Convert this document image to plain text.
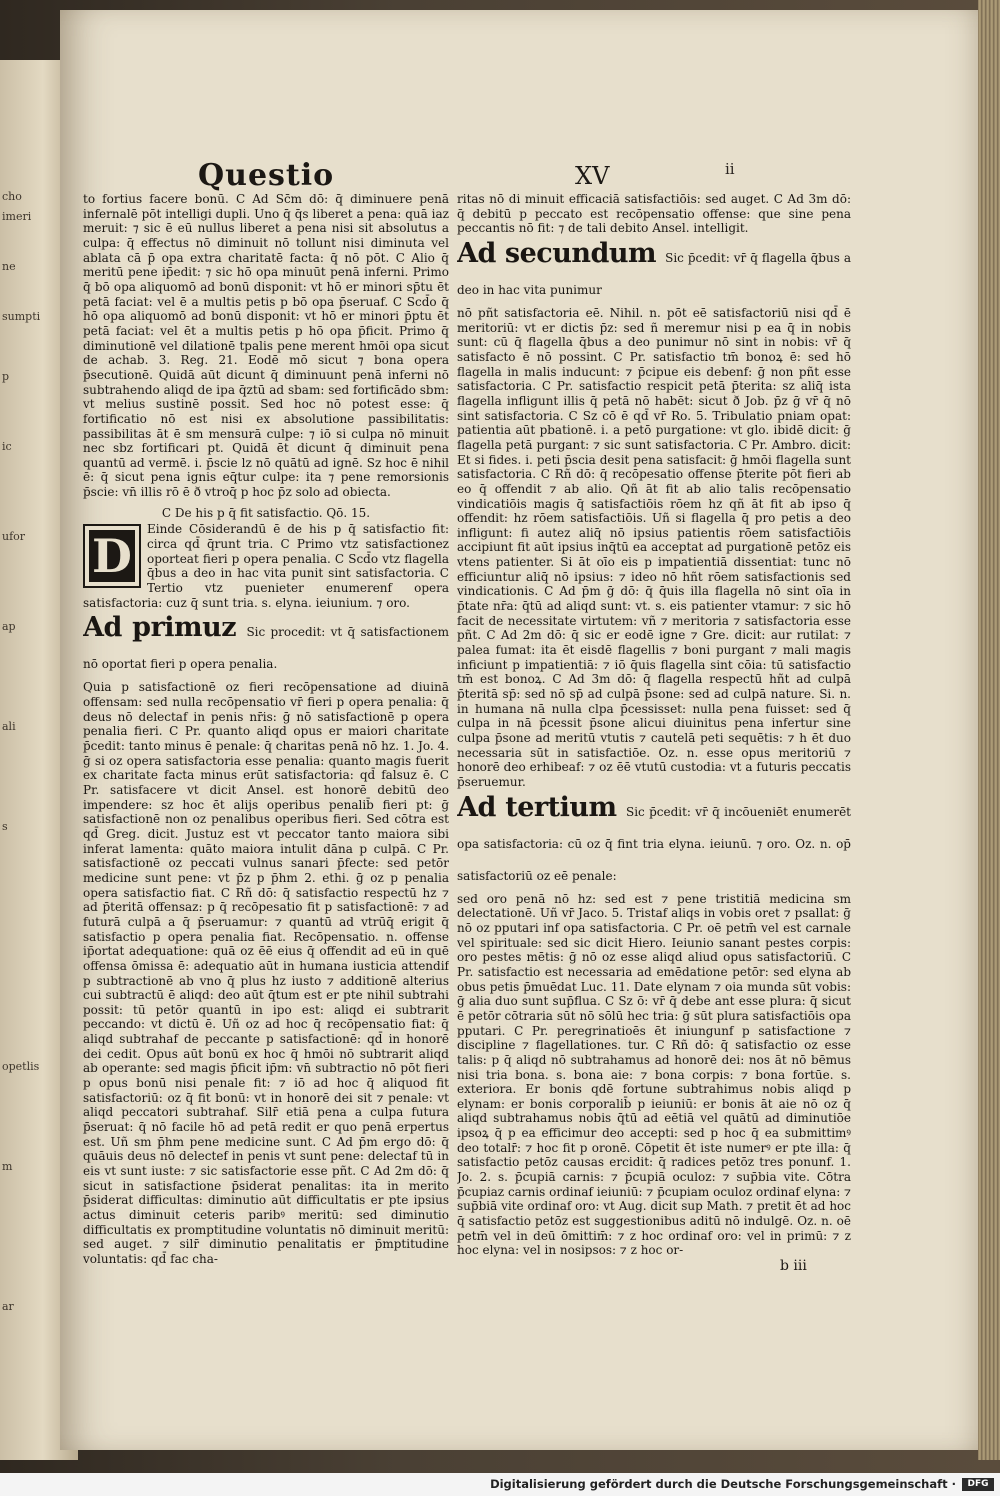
cho
imeri
ne
sumpti
p
ic
ufor
ap
ali
s
opetlis
m
ar
Questio	XV	ii

to fortius facere bonū. C Ad Sc̄m dō: q̄ diminuere penā infernalē pōt intelligi dupli. Uno q̄ q̄s liberet a pena: quā iaz meruit: ⁊ sic ē eū nullus liberet a pena nisi sit absolutus a culpa: q̄ effectus nō diminuit nō tollunt nisi diminuta vel ablata cā p̄ opa extra charitatē facta: q̄ nō pōt. C Alio q̄ meritū pene ip̄edit: ⁊ sic hō opa minuūt penā inferni. Primo q̄ bō opa aliquomō ad bonū disponit: vt hō er minori sp̄tu ēt petā faciat: vel ē a multis petis p bō opa p̄seruaf. C Scd̄o q̄ hō opa aliquomō ad bonū disponit: vt hō er minori p̄ptu ēt petā faciat: vel ēt a multis petis p hō opa p̄ficit. Primo q̄ diminutionē vel dilationē tpalis pene merent hmōi opa sicut de achab. 3. Reg. 21. Eodē mō sicut ⁊ bona opera p̄secutionē. Quidā aūt dicunt q̄ diminuunt penā inferni nō subtrahendo aliqd de ipa q̄ztū ad sbam: sed fortificādo sbm: vt melius sustinē possit. Sed hoc nō potest esse: q̄ fortificatio nō est nisi ex absolutione passibilitatis: passibilitas āt ē sm mensurā culpe: ⁊ iō si culpa nō minuit nec sbz fortificari pt. Quidā ēt dicunt q̄ diminuit pena quantū ad vermē. i. p̄scie lz nō quātū ad ignē. Sz hoc ē nihil ē: q̄ sicut pena ignis eq̄tur culpe: ita ⁊ pene remorsionis p̄scie: vn̄ illis rō ē ð vtroq̄ p hoc p̄z solo ad obiecta.

C De his p q̄ fit satisfactio. Qō. 15.
D	Einde Cōsiderandū ē de his p q̄ satisfactio fit: circa qd̄ q̄runt tria. C Primo vtz satisfactionez oporteat fieri p opera penalia. C Scd̄o vtz flagella q̄bus a deo in hac vita punit sint satisfactoria. C Tertio vtz puenieter enumerenf opera satisfactoria: cuz q̄ sunt tria. s. elyna. ieiunium. ⁊ oro.

Ad primuz Sic procedit: vt q̄ satisfactionem nō oportat fieri p opera penalia.

Quia p satisfactionē oz fieri recōpensatione ad diuinā offensam: sed nulla recōpensatio vr̄ fieri p opera penalia: q̄ deus nō delectaf in penis nr̄is: ḡ nō satisfactionē p opera penalia fieri. C Pr. quanto aliqd opus er maiori charitate p̄cedit: tanto minus ē penale: q̄ charitas penā nō hz. 1. Jo. 4. ḡ si oz opera satisfactoria esse penalia: quanto magis fuerit ex charitate facta minus erūt satisfactoria: qd̄ falsuz ē. C Pr. satisfacere vt dicit Ansel. est honorē debitū deo impendere: sz hoc ēt alijs operibus penalib̄ fieri pt: ḡ satisfactionē non oz penalibus operibus fieri. Sed cōtra est qd̄ Greg. dicit. Justuz est vt peccator tanto maiora sibi inferat lamenta: quāto maiora intulit dāna p culpā. C Pr. satisfactionē oz peccati vulnus sanari p̄fecte: sed petōr medicine sunt pene: vt p̄z p p̄hm 2. ethi. ḡ oz p penalia opera satisfactio fiat. C Rñ dō: q̄ satisfactio respectū hz ⁊ ad p̄teritā offensaz: p q̄ recōpesatio fit p satisfactionē: ⁊ ad futurā culpā a q̄ p̄seruamur: ⁊ quantū ad vtrūq̄ erigit q̄ satisfactio p opera penalia fiat. Recōpensatio. n. offense ip̄ortat adequatione: quā oz ēē eius q̄ offendit ad eū in quē offensa ōmissa ē: adequatio aūt in humana iusticia attendif p subtractionē ab vno q̄ plus hz iusto ⁊ additionē alterius cui subtractū ē aliqd: deo aūt q̄tum est er pte nihil subtrahi possit: tū petōr quantū in ipo est: aliqd ei subtrarit peccando: vt dictū ē. Uñ oz ad hoc q̄ recōpensatio fiat: q̄ aliqd subtrahaf de peccante p satisfactionē: qd̄ in honorē dei cedit. Opus aūt bonū ex hoc q̄ hmōi nō subtrarit aliqd ab operante: sed magis p̄ficit ip̄m: vn̄ subtractio nō pōt fieri p opus bonū nisi penale fit: ⁊ iō ad hoc q̄ aliquod fit satisfactoriū: oz q̄ fit bonū: vt in honorē dei sit ⁊ penale: vt aliqd peccatori subtrahaf. Silr̄ etiā pena a culpa futura p̄seruat: q̄ nō facile hō ad petā redit er quo penā erpertus est. Uñ sm p̄hm pene medicine sunt. C Ad p̄m ergo dō: q̄ quāuis deus nō delectef in penis vt sunt pene: delectaf tū in eis vt sunt iuste: ⁊ sic satisfactorie esse pñt. C Ad 2m dō: q̄ sicut in satisfactione p̄siderat penalitas: ita in merito p̄siderat difficultas: diminutio aūt difficultatis er pte ipsius actus diminuit ceteris paribꝰ meritū: sed diminutio difficultatis ex promptitudine voluntatis nō diminuit meritū: sed auget. ⁊ silr̄ diminutio penalitatis er p̄mptitudine voluntatis: qd̄ fac cha-

ritas nō di minuit efficaciā satisfactiōis: sed auget. C Ad 3m dō: q̄ debitū p peccato est recōpensatio offense: que sine pena peccantis nō fit: ⁊ de tali debito Ansel. intelligit.

Ad secundum Sic p̄cedit: vr̄ q̄ flagella q̄bus a deo in hac vita punimur

nō pñt satisfactoria eē. Nihil. n. pōt eē satisfactoriū nisi qd̄ ē meritoriū: vt er dictis p̄z: sed ñ meremur nisi p ea q̄ in nobis sunt: cū q̄ flagella q̄bus a deo punimur nō sint in nobis: vr̄ q̄ satisfacto ē nō possint. C Pr. satisfactio tm̄ bonoꝝ ē: sed hō flagella in malis inducunt: ⁊ p̄cipue eis debenf: ḡ non pñt esse satisfactoria. C Pr. satisfactio respicit petā p̄terita: sz aliq̄ ista flagella infligunt illis q̄ petā nō habēt: sicut ð Job. p̄z ḡ vr̄ q̄ nō sint satisfactoria. C Sz cō ē qd̄ vr̄ Ro. 5. Tribulatio pniam opat: patientia aūt pbationē. i. a petō purgatione: vt glo. ibidē dicit: ḡ flagella petā purgant: ⁊ sic sunt satisfactoria. C Pr. Ambro. dicit: Et si fides. i. peti p̄scia desit pena satisfacit: ḡ hmōi flagella sunt satisfactoria. C Rñ dō: q̄ recōpesatio offense p̄terite pōt fieri ab eo q̄ offendit ⁊ ab alio. Qñ āt fit ab alio talis recōpensatio vindicatiōis magis q̄ satisfactiōis rōem hz qñ āt fit ab ipso q̄ offendit: hz rōem satisfactiōis. Uñ si flagella q̄ pro petis a deo infligunt: fi autez aliq̄ nō ipsius patientis rōem satisfactiōis accipiunt fit aūt ipsius inq̄tū ea acceptat ad purgationē petōz eis vtens patienter. Si āt oīo eis p impatientiā dissentiat: tunc nō efficiuntur aliq̄ nō ipsius: ⁊ ideo nō hñt rōem satisfactionis sed vindicationis. C Ad p̄m ḡ dō: q̄ q̄uis illa flagella nō sint oīa in p̄tate nr̄a: q̄tū ad aliqd sunt: vt. s. eis patienter vtamur: ⁊ sic hō facit de necessitate virtutem: vñ ⁊ meritoria ⁊ satisfactoria esse pñt. C Ad 2m dō: q̄ sic er eodē igne ⁊ Gre. dicit: aur rutilat: ⁊ palea fumat: ita ēt eisdē flagellis ⁊ boni purgant ⁊ mali magis inficiunt p impatientiā: ⁊ iō q̄uis flagella sint cōia: tū satisfactio tm̄ est bonoꝝ. C Ad 3m dō: q̄ flagella respectū hñt ad culpā p̄teritā sp̄: sed nō sp̄ ad culpā p̄sone: sed ad culpā nature. Si. n. in humana nā nulla clpa p̄cessisset: nulla pena fuisset: sed q̄ culpa in nā p̄cessit p̄sone alicui diuinitus pena infertur sine culpa p̄sone ad meritū vtutis ⁊ cautelā peti sequētis: ⁊ h ēt duo necessaria sūt in satisfactiōe. Oz. n. esse opus meritoriū ⁊ honorē deo erhibeaf: ⁊ oz ēē vtutū custodia: vt a futuris peccatis p̄seruemur.

Ad tertium Sic p̄cedit: vr̄ q̄ incōueniēt enumerēt opa satisfactoria: cū oz q̄ fint tria elyna. ieiunū. ⁊ oro. Oz. n. op̄ satisfactoriū oz eē penale:

sed oro penā nō hz: sed est ⁊ pene tristitiā medicina sm delectationē. Uñ vr̄ Jaco. 5. Tristaf aliqs in vobis oret ⁊ psallat: ḡ nō oz pputari inf opa satisfactoria. C Pr. oē petm̄ vel est carnale vel spirituale: sed sic dicit Hiero. Ieiunio sanant pestes corpis: oro pestes mētis: ḡ nō oz esse aliqd aliud opus satisfactoriū. C Pr. satisfactio est necessaria ad emēdatione petōr: sed elyna ab obus petis p̄muēdat Luc. 11. Date elynam ⁊ oia munda sūt vobis: ḡ alia duo sunt sup̄flua. C Sz ō: vr̄ q̄ debe ant esse plura: q̄ sicut ē petōr cōtraria sūt nō sōlū hec tria: ḡ sūt plura satisfactiōis opa pputari. C Pr. peregrinatioēs ēt iniungunf p satisfactione ⁊ discipline ⁊ flagellationes. tur. C Rñ dō: q̄ satisfactio oz esse talis: p q̄ aliqd nō subtrahamus ad honorē dei: nos āt nō bēmus nisi tria bona. s. bona aie: ⁊ bona corpis: ⁊ bona fortūe. s. exteriora. Er bonis qdē fortune subtrahimus nobis aliqd p elynam: er bonis corporalib̄ p ieiuniū: er bonis āt aie nō oz q̄ aliqd subtrahamus nobis q̄tū ad eētiā vel quātū ad diminutiōe ipsoꝝ q̄ p ea efficimur deo accepti: sed p hoc q̄ ea submittimꝰ deo totalr̄: ⁊ hoc fit p oronē. Cōpetit ēt iste numerꝰ er pte illa: q̄ satisfactio petōz causas ercidit: q̄ radices petōz tres ponunf. 1. Jo. 2. s. p̄cupiā carnis: ⁊ p̄cupiā oculoz: ⁊ sup̄bia vite. Cōtra p̄cupiaz carnis ordinaf ieiuniū: ⁊ p̄cupiam oculoz ordinaf elyna: ⁊ sup̄biā vite ordinaf oro: vt Aug. dicit sup Math. ⁊ pretit ēt ad hoc q̄ satisfactio petōz est suggestionibus aditū nō indulgē. Oz. n. oē petm̄ vel in deū ōmittim̄: ⁊ z hoc ordinaf oro: vel in primū: ⁊ z hoc elyna: vel in nosipsos: ⁊ z hoc or-

b iii
Digitalisierung gefördert durch die Deutsche Forschungsgemeinschaft ·	DFG
